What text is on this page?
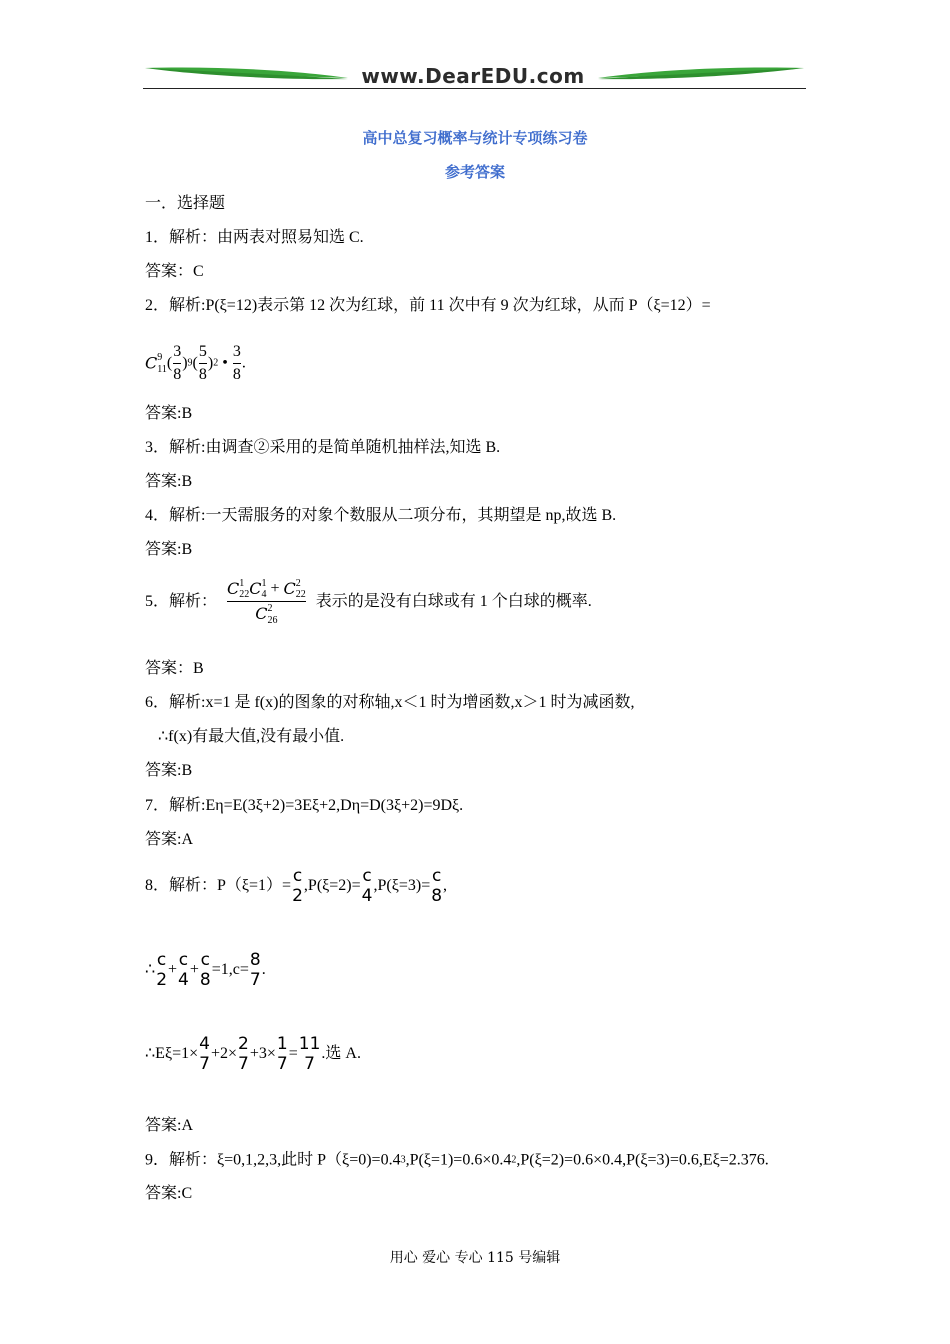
www.DearEDU.com
高中总复习概率与统计专项练习卷
参考答案
一．选择题
1．解析：由两表对照易知选 C.
答案：C
2．解析:P(ξ=12)表示第 12 次为红球，前 11 次中有 9 次为红球，从而 P（ξ=12）=
C9
$11( \frac{3}{8} )9( \frac{5}{8} )2$ • $\frac{3}{8}$ .
答案:B
3．解析:由调查②采用的是简单随机抽样法,知选 B.
答案:B
4．解析:一天需服务的对象个数服从二项分布，其期望是 np,故选 B.
答案:B
5．解析：
C1
22C1
4 + C2
22
C2
26
表示的是没有白球或有 1 个白球的概率.
答案：B
6．解析:x=1 是 f(x)的图象的对称轴,x＜1 时为增函数,x＞1 时为减函数,
∴f(x)有最大值,没有最小值.
答案:B
7．解析:Eη=E(3ξ+2)=3Eξ+2,Dη=D(3ξ+2)=9Dξ.
答案:A
8．解析：P（ξ=1）= c
2
,P(ξ=2)= c
4
,P(ξ=3)= c
8
,
∴ c
2
+ c
4
+ c
8
=1,c= 8
7
.
∴Eξ=1× 4
7
+2× 2
7
+3× 1
7
= 11
7
.选 A.
答案:A
9．解析：ξ=0,1,2,3,此时 P（ξ=0)=0.43,P(ξ=1)=0.6×0.42,P(ξ=2)=0.6×0.4,P(ξ=3)=0.6,Eξ=2.376.
答案:C
用心 爱心 专心 115 号编辑
